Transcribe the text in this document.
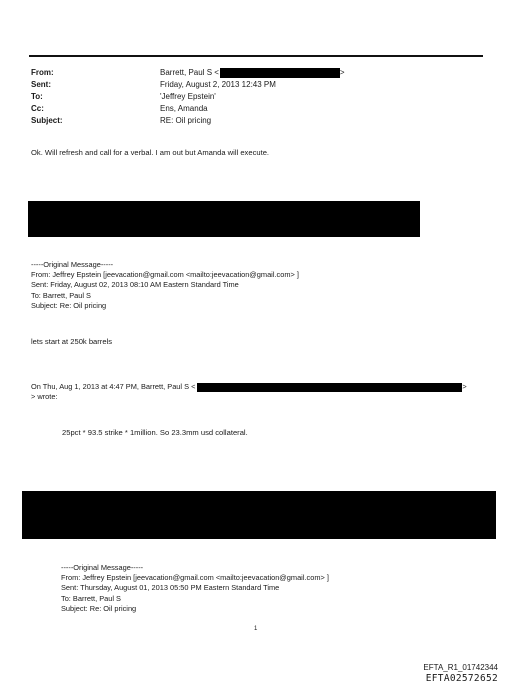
From:	Barrett, Paul S <	>
Sent:	Friday, August 2, 2013 12:43 PM
To:	'Jeffrey Epstein'
Cc:	Ens, Amanda
Subject:	RE: Oil pricing
Ok. Will refresh and call for a verbal. I am out but Amanda will execute.
-----Original Message-----
From: Jeffrey Epstein [jeevacation@gmail.com <mailto:jeevacation@gmail.com> ]
Sent: Friday, August 02, 2013 08:10 AM Eastern Standard Time
To: Barrett, Paul S
Subject: Re: Oil pricing
lets start at 250k barrels
On Thu, Aug 1, 2013 at 4:47 PM, Barrett, Paul S <	>
> wrote:
25pct * 93.5 strike * 1million. So 23.3mm usd collateral.
-----Original Message-----
From: Jeffrey Epstein [jeevacation@gmail.com <mailto:jeevacation@gmail.com> ]
Sent: Thursday, August 01, 2013 05:50 PM Eastern Standard Time
To: Barrett, Paul S
Subject: Re: Oil pricing
1
EFTA_R1_01742344
EFTA02572652
